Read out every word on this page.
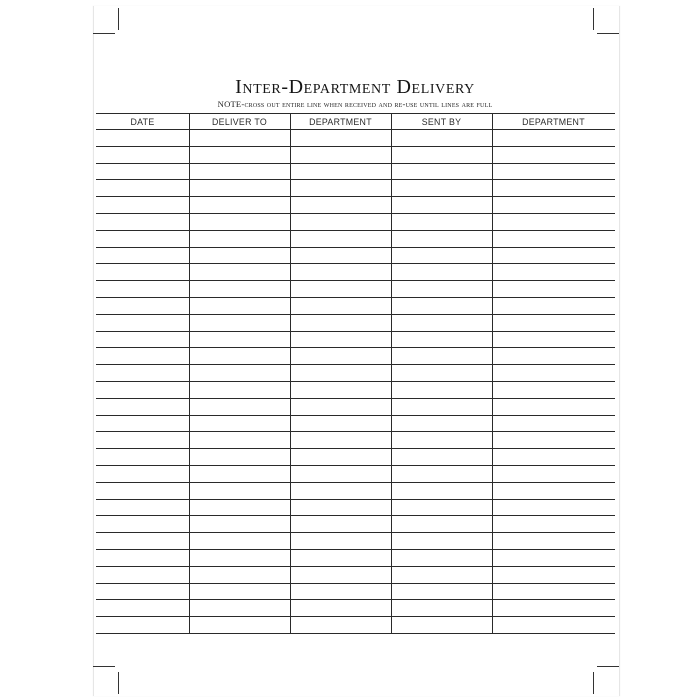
Inter-Department Delivery
NOTE-cross out entire line when received and re-use until lines are full
DATE	DELIVER TO	DEPARTMENT	SENT BY	DEPARTMENT
